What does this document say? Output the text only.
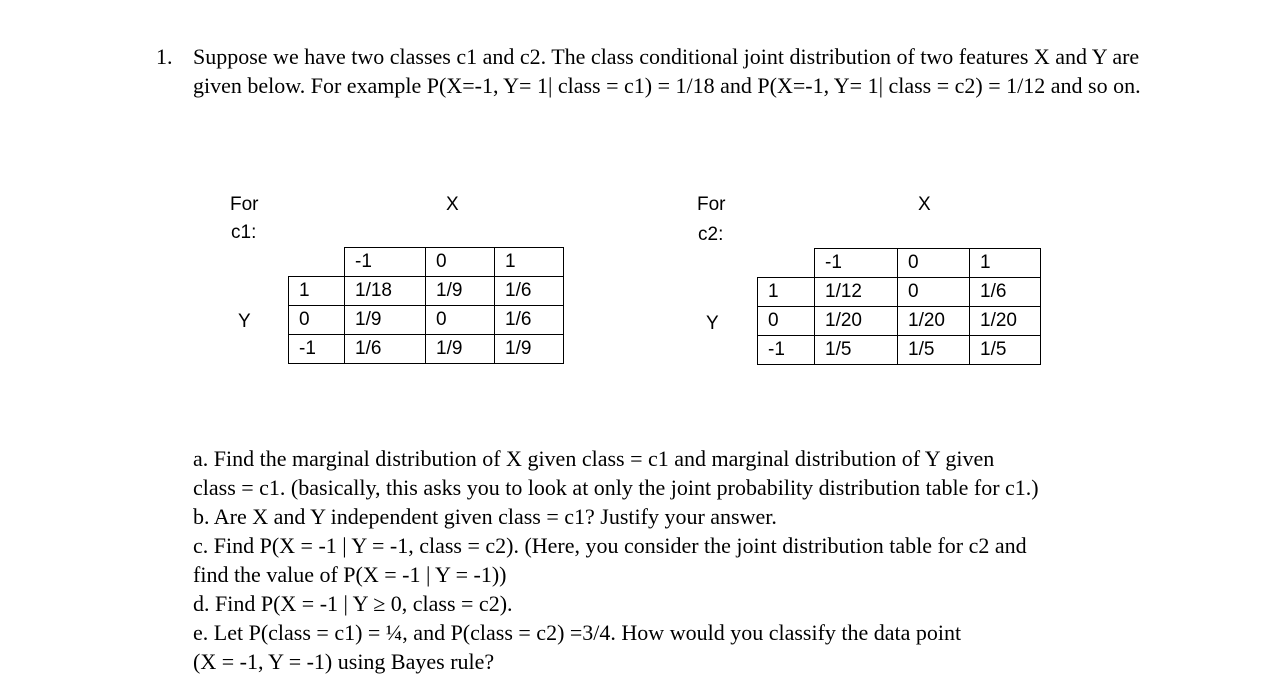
1. Suppose we have two classes c1 and c2. The class conditional joint distribution of two features X and Y are given below. For example P(X=-1, Y= 1| class = c1) = 1/18 and P(X=-1, Y= 1| class = c2) = 1/12 and so on.
For
c1:
X
Y
	-1	0	1
1	1/18	1/9	1/6
0	1/9	0	1/6
-1	1/6	1/9	1/9
For
c2:
X
Y
	-1	0	1
1	1/12	0	1/6
0	1/20	1/20	1/20
-1	1/5	1/5	1/5
a. Find the marginal distribution of X given class = c1 and marginal distribution of Y given
class = c1. (basically, this asks you to look at only the joint probability distribution table for c1.)
b. Are X and Y independent given class = c1? Justify your answer.
c. Find P(X = -1 | Y = -1, class = c2). (Here, you consider the joint distribution table for c2 and
find the value of P(X = -1 | Y = -1))
d. Find P(X = -1 | Y ≥ 0, class = c2).
e. Let P(class = c1) = ¼, and P(class = c2) =3/4. How would you classify the data point
(X = -1, Y = -1) using Bayes rule?
